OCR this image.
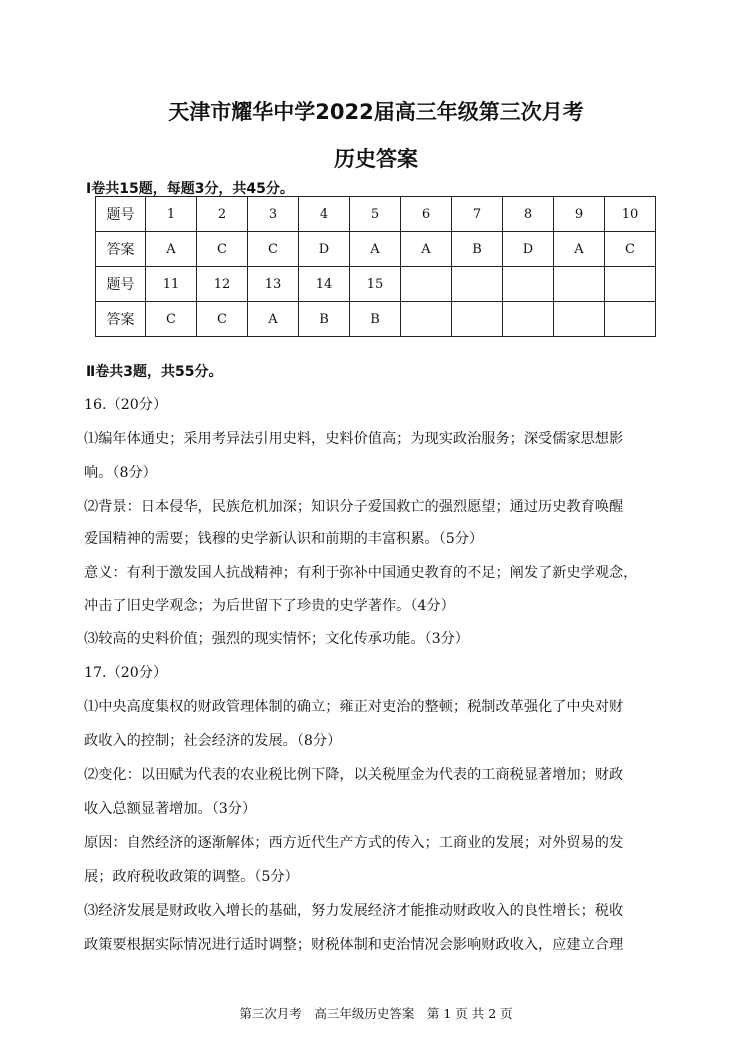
天津市耀华中学2022届高三年级第三次月考
历史答案
Ⅰ卷共15题，每题3分，共45分。
题号	1	2	3	4	5	6	7	8	9	10
答案	A	C	C	D	A	A	B	D	A	C
题号	11	12	13	14	15					
答案	C	C	A	B	B					
Ⅱ卷共3题，共55分。
16.（20分）
⑴编年体通史；采用考异法引用史料，史料价值高；为现实政治服务；深受儒家思想影
响。（8分）
⑵背景：日本侵华，民族危机加深；知识分子爱国救亡的强烈愿望；通过历史教育唤醒
爱国精神的需要；钱穆的史学新认识和前期的丰富积累。（5分）
意义：有利于激发国人抗战精神；有利于弥补中国通史教育的不足；阐发了新史学观念，
冲击了旧史学观念；为后世留下了珍贵的史学著作。（4分）
⑶较高的史料价值；强烈的现实情怀；文化传承功能。（3分）
17.（20分）
⑴中央高度集权的财政管理体制的确立；雍正对吏治的整顿；税制改革强化了中央对财
政收入的控制；社会经济的发展。（8分）
⑵变化：以田赋为代表的农业税比例下降，以关税厘金为代表的工商税显著增加；财政
收入总额显著增加。（3分）
原因：自然经济的逐渐解体；西方近代生产方式的传入；工商业的发展；对外贸易的发
展；政府税收政策的调整。（5分）
⑶经济发展是财政收入增长的基础，努力发展经济才能推动财政收入的良性增长；税收
政策要根据实际情况进行适时调整；财税体制和吏治情况会影响财政收入，应建立合理
第三次月考　高三年级历史答案　第 1 页 共 2 页
